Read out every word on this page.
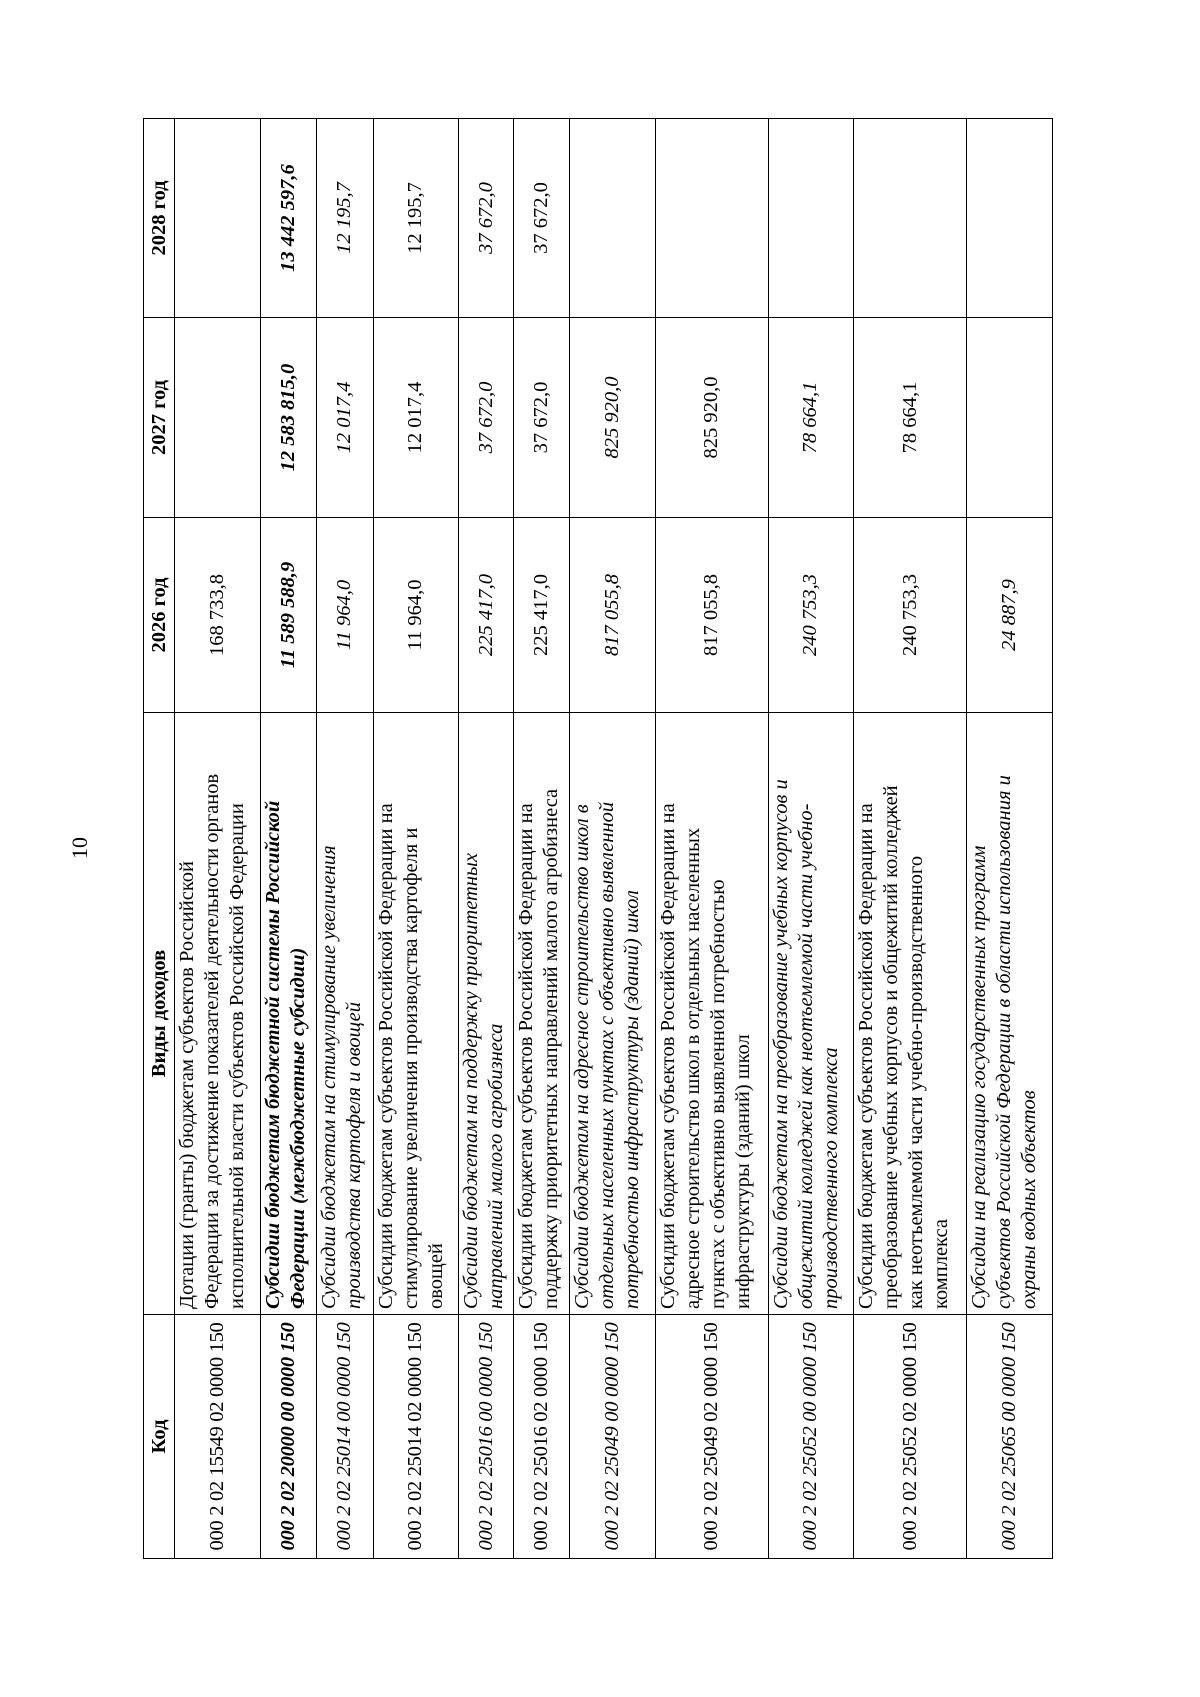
10
Код	Виды доходов	2026 год	2027 год	2028 год
000 2 02 15549 02 0000 150	Дотации (гранты) бюджетам субъектов Российской Федерации за достижение показателей деятельности органов исполнительной власти субъектов Российской Федерации	168 733,8		
000 2 02 20000 00 0000 150	Субсидии бюджетам бюджетной системы Российской Федерации (межбюджетные субсидии)	11 589 588,9	12 583 815,0	13 442 597,6
000 2 02 25014 00 0000 150	Субсидии бюджетам на стимулирование увеличения производства картофеля и овощей	11 964,0	12 017,4	12 195,7
000 2 02 25014 02 0000 150	Субсидии бюджетам субъектов Российской Федерации на стимулирование увеличения производства картофеля и овощей	11 964,0	12 017,4	12 195,7
000 2 02 25016 00 0000 150	Субсидии бюджетам на поддержку приоритетных направлений малого агробизнеса	225 417,0	37 672,0	37 672,0
000 2 02 25016 02 0000 150	Субсидии бюджетам субъектов Российской Федерации на поддержку приоритетных направлений малого агробизнеса	225 417,0	37 672,0	37 672,0
000 2 02 25049 00 0000 150	Субсидии бюджетам на адресное строительство школ в отдельных населенных пунктах с объективно выявленной потребностью инфраструктуры (зданий) школ	817 055,8	825 920,0	
000 2 02 25049 02 0000 150	Субсидии бюджетам субъектов Российской Федерации на адресное строительство школ в отдельных населенных пунктах с объективно выявленной потребностью инфраструктуры (зданий) школ	817 055,8	825 920,0	
000 2 02 25052 00 0000 150	Субсидии бюджетам на преобразование учебных корпусов и общежитий колледжей как неотъемлемой части учебно- производственного комплекса	240 753,3	78 664,1	
000 2 02 25052 02 0000 150	Субсидии бюджетам субъектов Российской Федерации на преобразование учебных корпусов и общежитий колледжей как неотъемлемой части учебно-производственного комплекса	240 753,3	78 664,1	
000 2 02 25065 00 0000 150	Субсидии на реализацию государственных программ субъектов Российской Федерации в области использования и охраны водных объектов	24 887,9		
